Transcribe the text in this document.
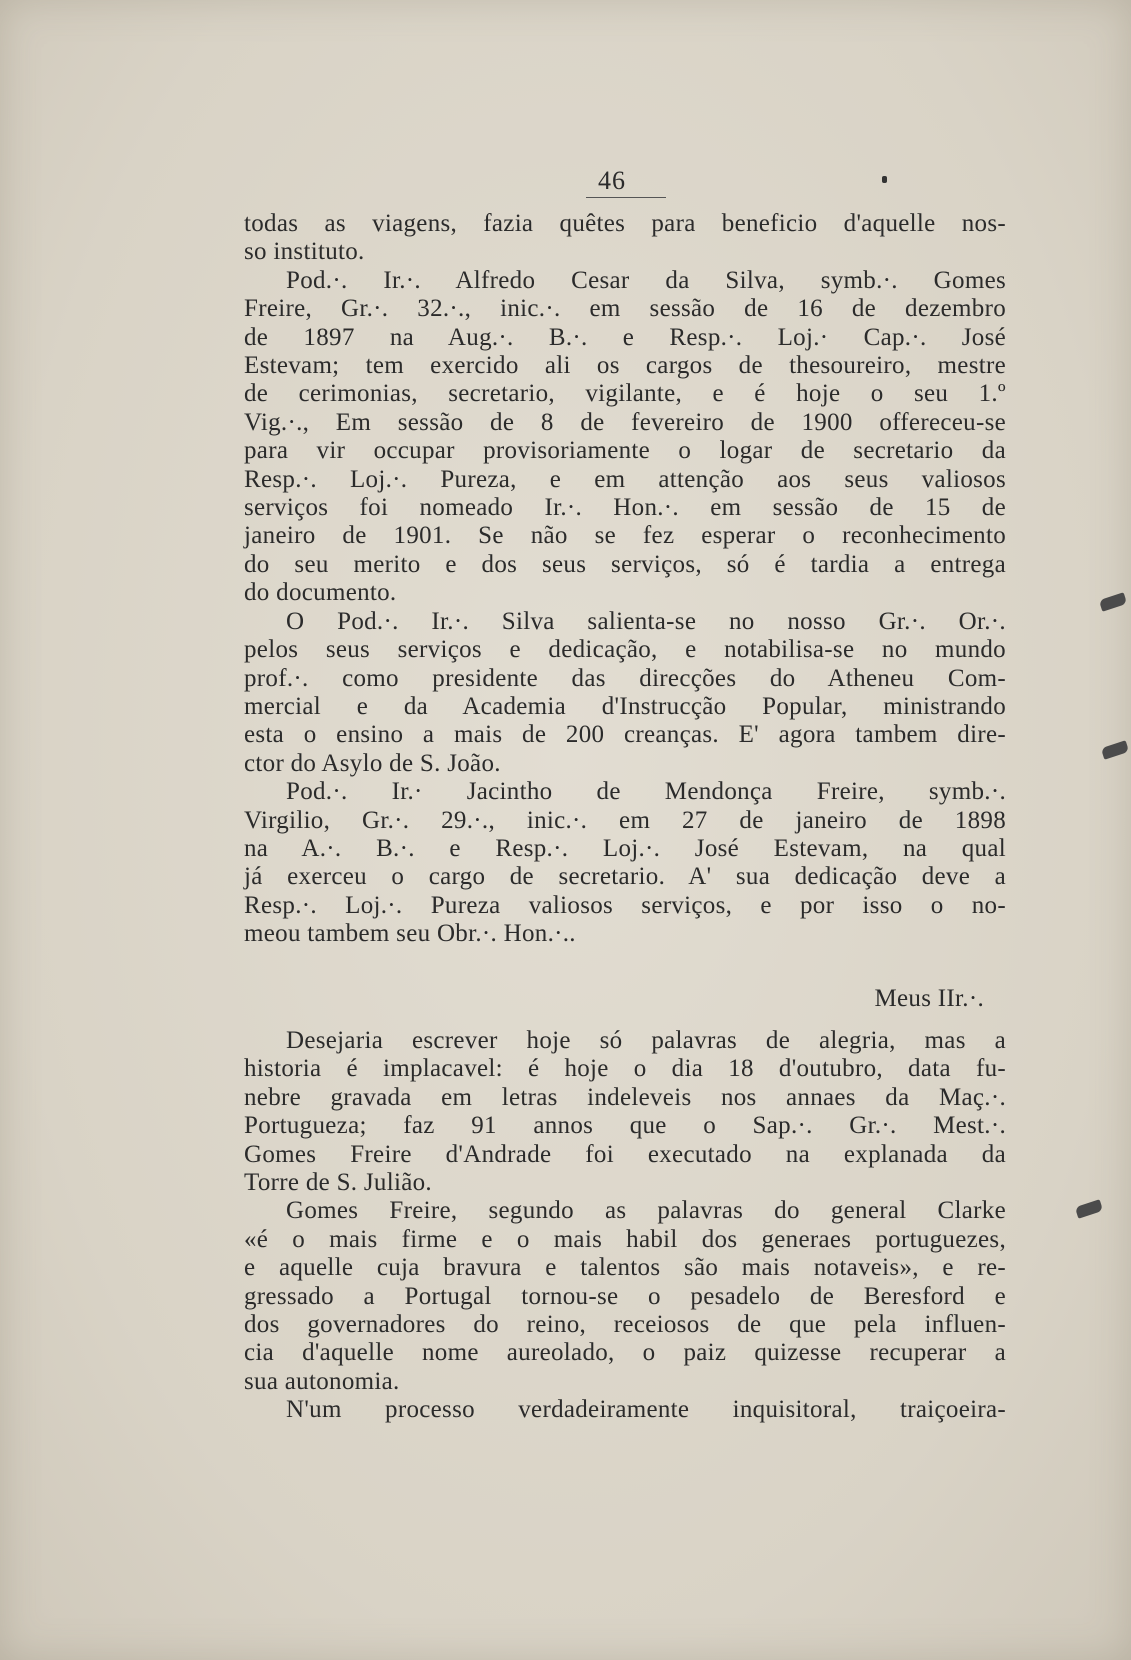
46

todas as viagens, fazia quêtes para beneficio d'aquelle nos-

so instituto.

Pod.·. Ir.·. Alfredo Cesar da Silva, symb.·. Gomes

Freire, Gr.·. 32.·., inic.·. em sessão de 16 de dezembro

de 1897 na Aug.·. B.·. e Resp.·. Loj.· Cap.·. José

Estevam; tem exercido ali os cargos de thesoureiro, mestre

de cerimonias, secretario, vigilante, e é hoje o seu 1.º

Vig.·., Em sessão de 8 de fevereiro de 1900 offereceu-se

para vir occupar provisoriamente o logar de secretario da

Resp.·. Loj.·. Pureza, e em attenção aos seus valiosos

serviços foi nomeado Ir.·. Hon.·. em sessão de 15 de

janeiro de 1901. Se não se fez esperar o reconhecimento

do seu merito e dos seus serviços, só é tardia a entrega

do documento.

O Pod.·. Ir.·. Silva salienta-se no nosso Gr.·. Or.·.

pelos seus serviços e dedicação, e notabilisa-se no mundo

prof.·. como presidente das direcções do Atheneu Com-

mercial e da Academia d'Instrucção Popular, ministrando

esta o ensino a mais de 200 creanças. E' agora tambem dire-

ctor do Asylo de S. João.

Pod.·. Ir.· Jacintho de Mendonça Freire, symb.·.

Virgilio, Gr.·. 29.·., inic.·. em 27 de janeiro de 1898

na A.·. B.·. e Resp.·. Loj.·. José Estevam, na qual

já exerceu o cargo de secretario. A' sua dedicação deve a

Resp.·. Loj.·. Pureza valiosos serviços, e por isso o no-

meou tambem seu Obr.·. Hon.·..

Meus IIr.·.

Desejaria escrever hoje só palavras de alegria, mas a

historia é implacavel: é hoje o dia 18 d'outubro, data fu-

nebre gravada em letras indeleveis nos annaes da Maç.·.

Portugueza; faz 91 annos que o Sap.·. Gr.·. Mest.·.

Gomes Freire d'Andrade foi executado na explanada da

Torre de S. Julião.

Gomes Freire, segundo as palavras do general Clarke

«é o mais firme e o mais habil dos generaes portuguezes,

e aquelle cuja bravura e talentos são mais notaveis», e re-

gressado a Portugal tornou-se o pesadelo de Beresford e

dos governadores do reino, receiosos de que pela influen-

cia d'aquelle nome aureolado, o paiz quizesse recuperar a

sua autonomia.

N'um processo verdadeiramente inquisitoral, traiçoeira-
